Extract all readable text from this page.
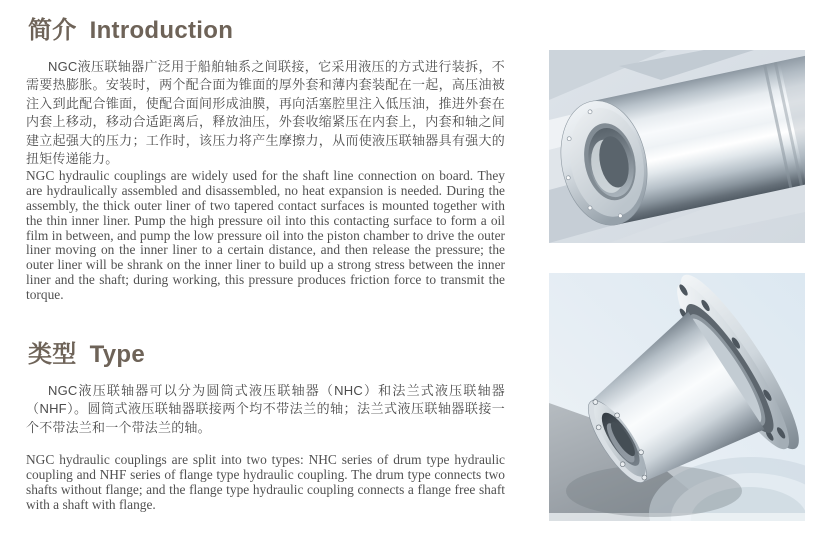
简介 Introduction

NGC液压联轴器广泛用于船舶轴系之间联接，它采用液压的方式进行装拆，不需要热膨胀。安装时，两个配合面为锥面的厚外套和薄内套装配在一起，高压油被注入到此配合锥面，使配合面间形成油膜，再向活塞腔里注入低压油，推进外套在内套上移动，移动合适距离后，释放油压，外套收缩紧压在内套上，内套和轴之间建立起强大的压力；工作时，该压力将产生摩擦力，从而使液压联轴器具有强大的扭矩传递能力。

NGC hydraulic couplings are widely used for the shaft line connection on board. They are hydraulically assembled and disassembled, no heat expansion is needed. During the assembly, the thick outer liner of two tapered contact surfaces is mounted together with the thin inner liner. Pump the high pressure oil into this contacting surface to form a oil film in between, and pump the low pressure oil into the piston chamber to drive the outer liner moving on the inner liner to a certain distance, and then release the pressure; the outer liner will be shrank on the inner liner to build up a strong stress between the inner liner and the shaft; during working, this pressure produces friction force to transmit the torque.

类型 Type

NGC液压联轴器可以分为圆筒式液压联轴器（NHC）和法兰式液压联轴器（NHF）。圆筒式液压联轴器联接两个均不带法兰的轴；法兰式液压联轴器联接一个不带法兰和一个带法兰的轴。

NGC hydraulic couplings are split into two types: NHC series of drum type hydraulic coupling and NHF series of flange type hydraulic coupling. The drum type connects two shafts without flange; and the flange type hydraulic coupling connects a flange free shaft with a shaft with flange.
